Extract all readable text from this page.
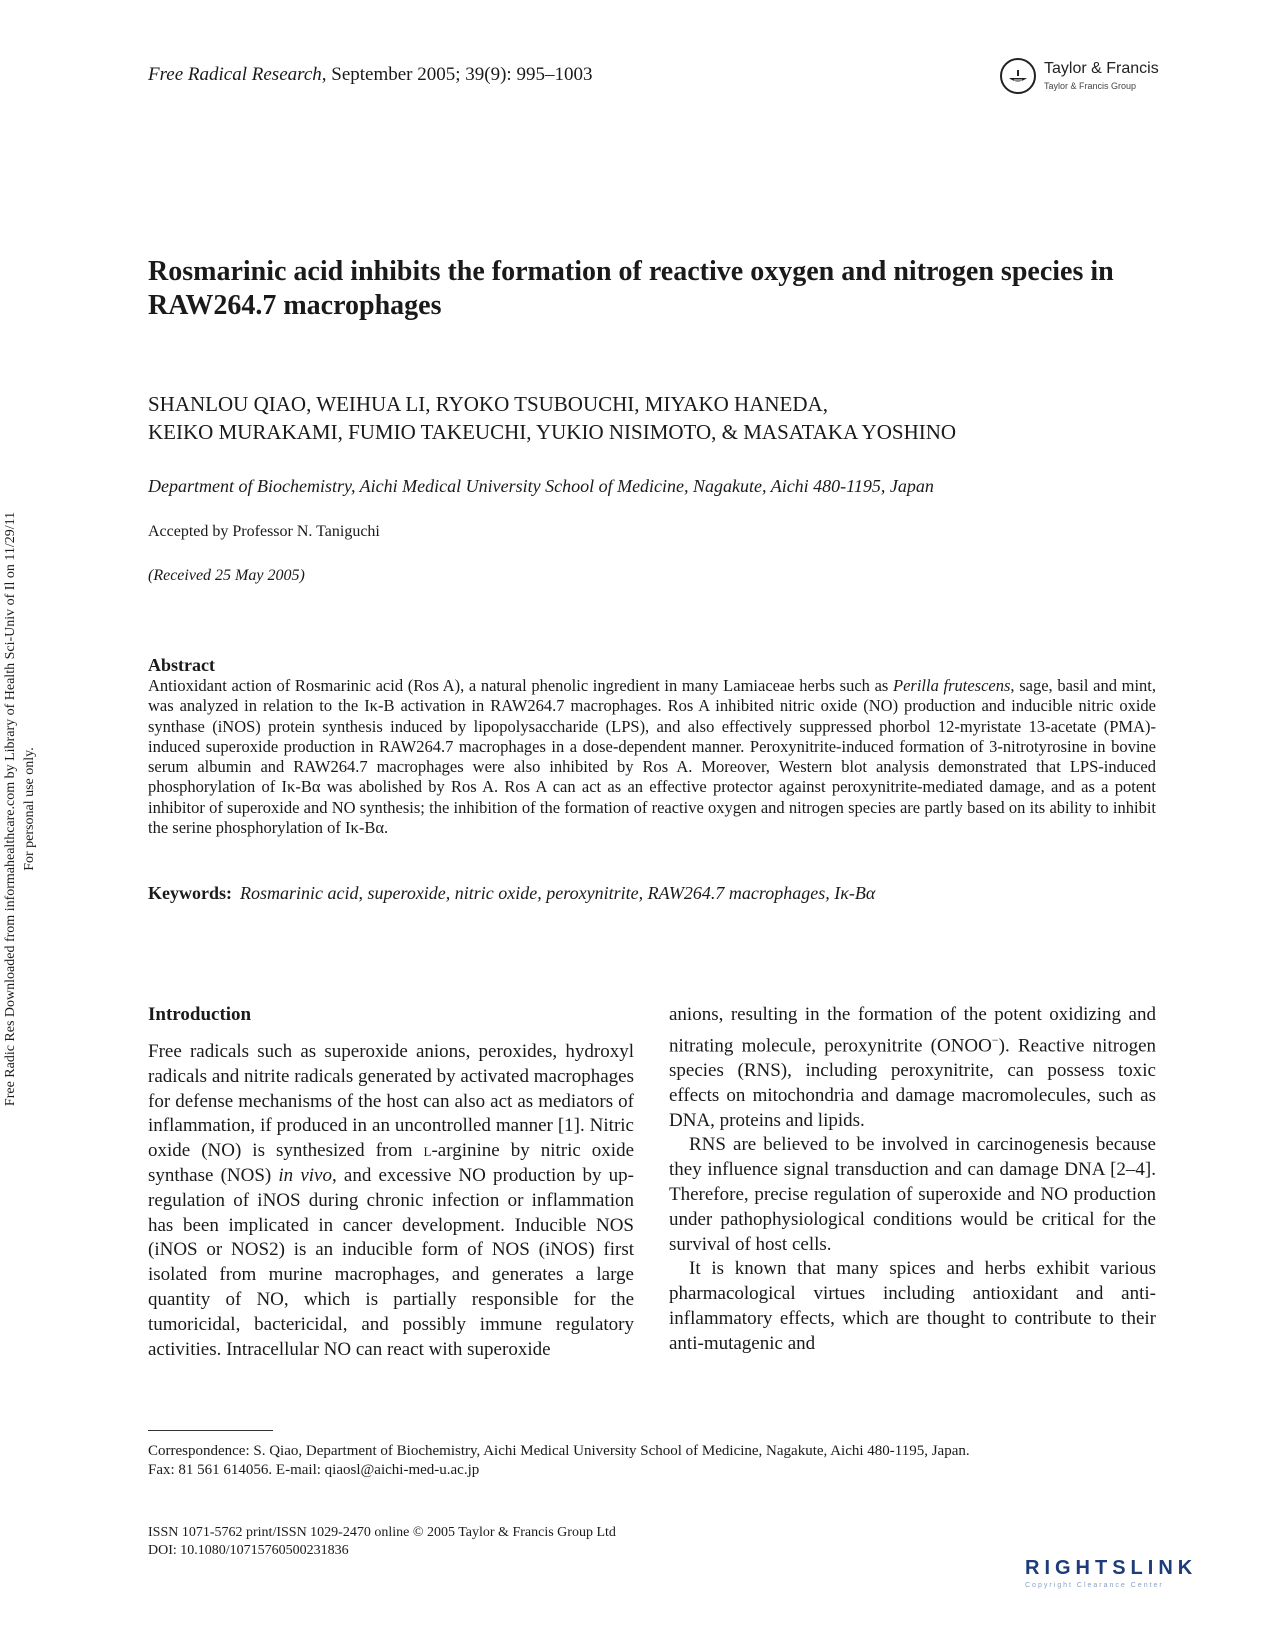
Free Radical Research, September 2005; 39(9): 995–1003	Taylor & Francis
Taylor & Francis Group
Rosmarinic acid inhibits the formation of reactive oxygen and nitrogen species in RAW264.7 macrophages
SHANLOU QIAO, WEIHUA LI, RYOKO TSUBOUCHI, MIYAKO HANEDA,
KEIKO MURAKAMI, FUMIO TAKEUCHI, YUKIO NISIMOTO, & MASATAKA YOSHINO
Department of Biochemistry, Aichi Medical University School of Medicine, Nagakute, Aichi 480-1195, Japan
Accepted by Professor N. Taniguchi
(Received 25 May 2005)
Abstract
Antioxidant action of Rosmarinic acid (Ros A), a natural phenolic ingredient in many Lamiaceae herbs such as Perilla frutescens, sage, basil and mint, was analyzed in relation to the Iκ-B activation in RAW264.7 macrophages. Ros A inhibited nitric oxide (NO) production and inducible nitric oxide synthase (iNOS) protein synthesis induced by lipopolysaccharide (LPS), and also effectively suppressed phorbol 12-myristate 13-acetate (PMA)-induced superoxide production in RAW264.7 macrophages in a dose-dependent manner. Peroxynitrite-induced formation of 3-nitrotyrosine in bovine serum albumin and RAW264.7 macrophages were also inhibited by Ros A. Moreover, Western blot analysis demonstrated that LPS-induced phosphorylation of Iκ-Bα was abolished by Ros A. Ros A can act as an effective protector against peroxynitrite-mediated damage, and as a potent inhibitor of superoxide and NO synthesis; the inhibition of the formation of reactive oxygen and nitrogen species are partly based on its ability to inhibit the serine phosphorylation of Iκ-Bα.
Keywords: Rosmarinic acid, superoxide, nitric oxide, peroxynitrite, RAW264.7 macrophages, Iκ-Bα
Introduction

Free radicals such as superoxide anions, peroxides, hydroxyl radicals and nitrite radicals generated by activated macrophages for defense mechanisms of the host can also act as mediators of inflammation, if produced in an uncontrolled manner [1]. Nitric oxide (NO) is synthesized from l-arginine by nitric oxide synthase (NOS) in vivo, and excessive NO production by up-regulation of iNOS during chronic infection or inflammation has been implicated in cancer development. Inducible NOS (iNOS or NOS2) is an inducible form of NOS (iNOS) first isolated from murine macrophages, and generates a large quantity of NO, which is partially responsible for the tumoricidal, bactericidal, and possibly immune regulatory activities. Intracellular NO can react with superoxide

anions, resulting in the formation of the potent oxidizing and nitrating molecule, peroxynitrite (ONOO−). Reactive nitrogen species (RNS), including peroxynitrite, can possess toxic effects on mitochondria and damage macromolecules, such as DNA, proteins and lipids.

RNS are believed to be involved in carcinogenesis because they influence signal transduction and can damage DNA [2–4]. Therefore, precise regulation of superoxide and NO production under pathophysiological conditions would be critical for the survival of host cells.

It is known that many spices and herbs exhibit various pharmacological virtues including antioxidant and anti-inflammatory effects, which are thought to contribute to their anti-mutagenic and

Correspondence: S. Qiao, Department of Biochemistry, Aichi Medical University School of Medicine, Nagakute, Aichi 480-1195, Japan.
Fax: 81 561 614056. E-mail: qiaosl@aichi-med-u.ac.jp
ISSN 1071-5762 print/ISSN 1029-2470 online © 2005 Taylor & Francis Group Ltd
DOI: 10.1080/10715760500231836
Free Radic Res Downloaded from informahealthcare.com by Library of Health Sci-Univ of Il on 11/29/11 For personal use only.
RIGHTSLINK
Copyright Clearance Center
